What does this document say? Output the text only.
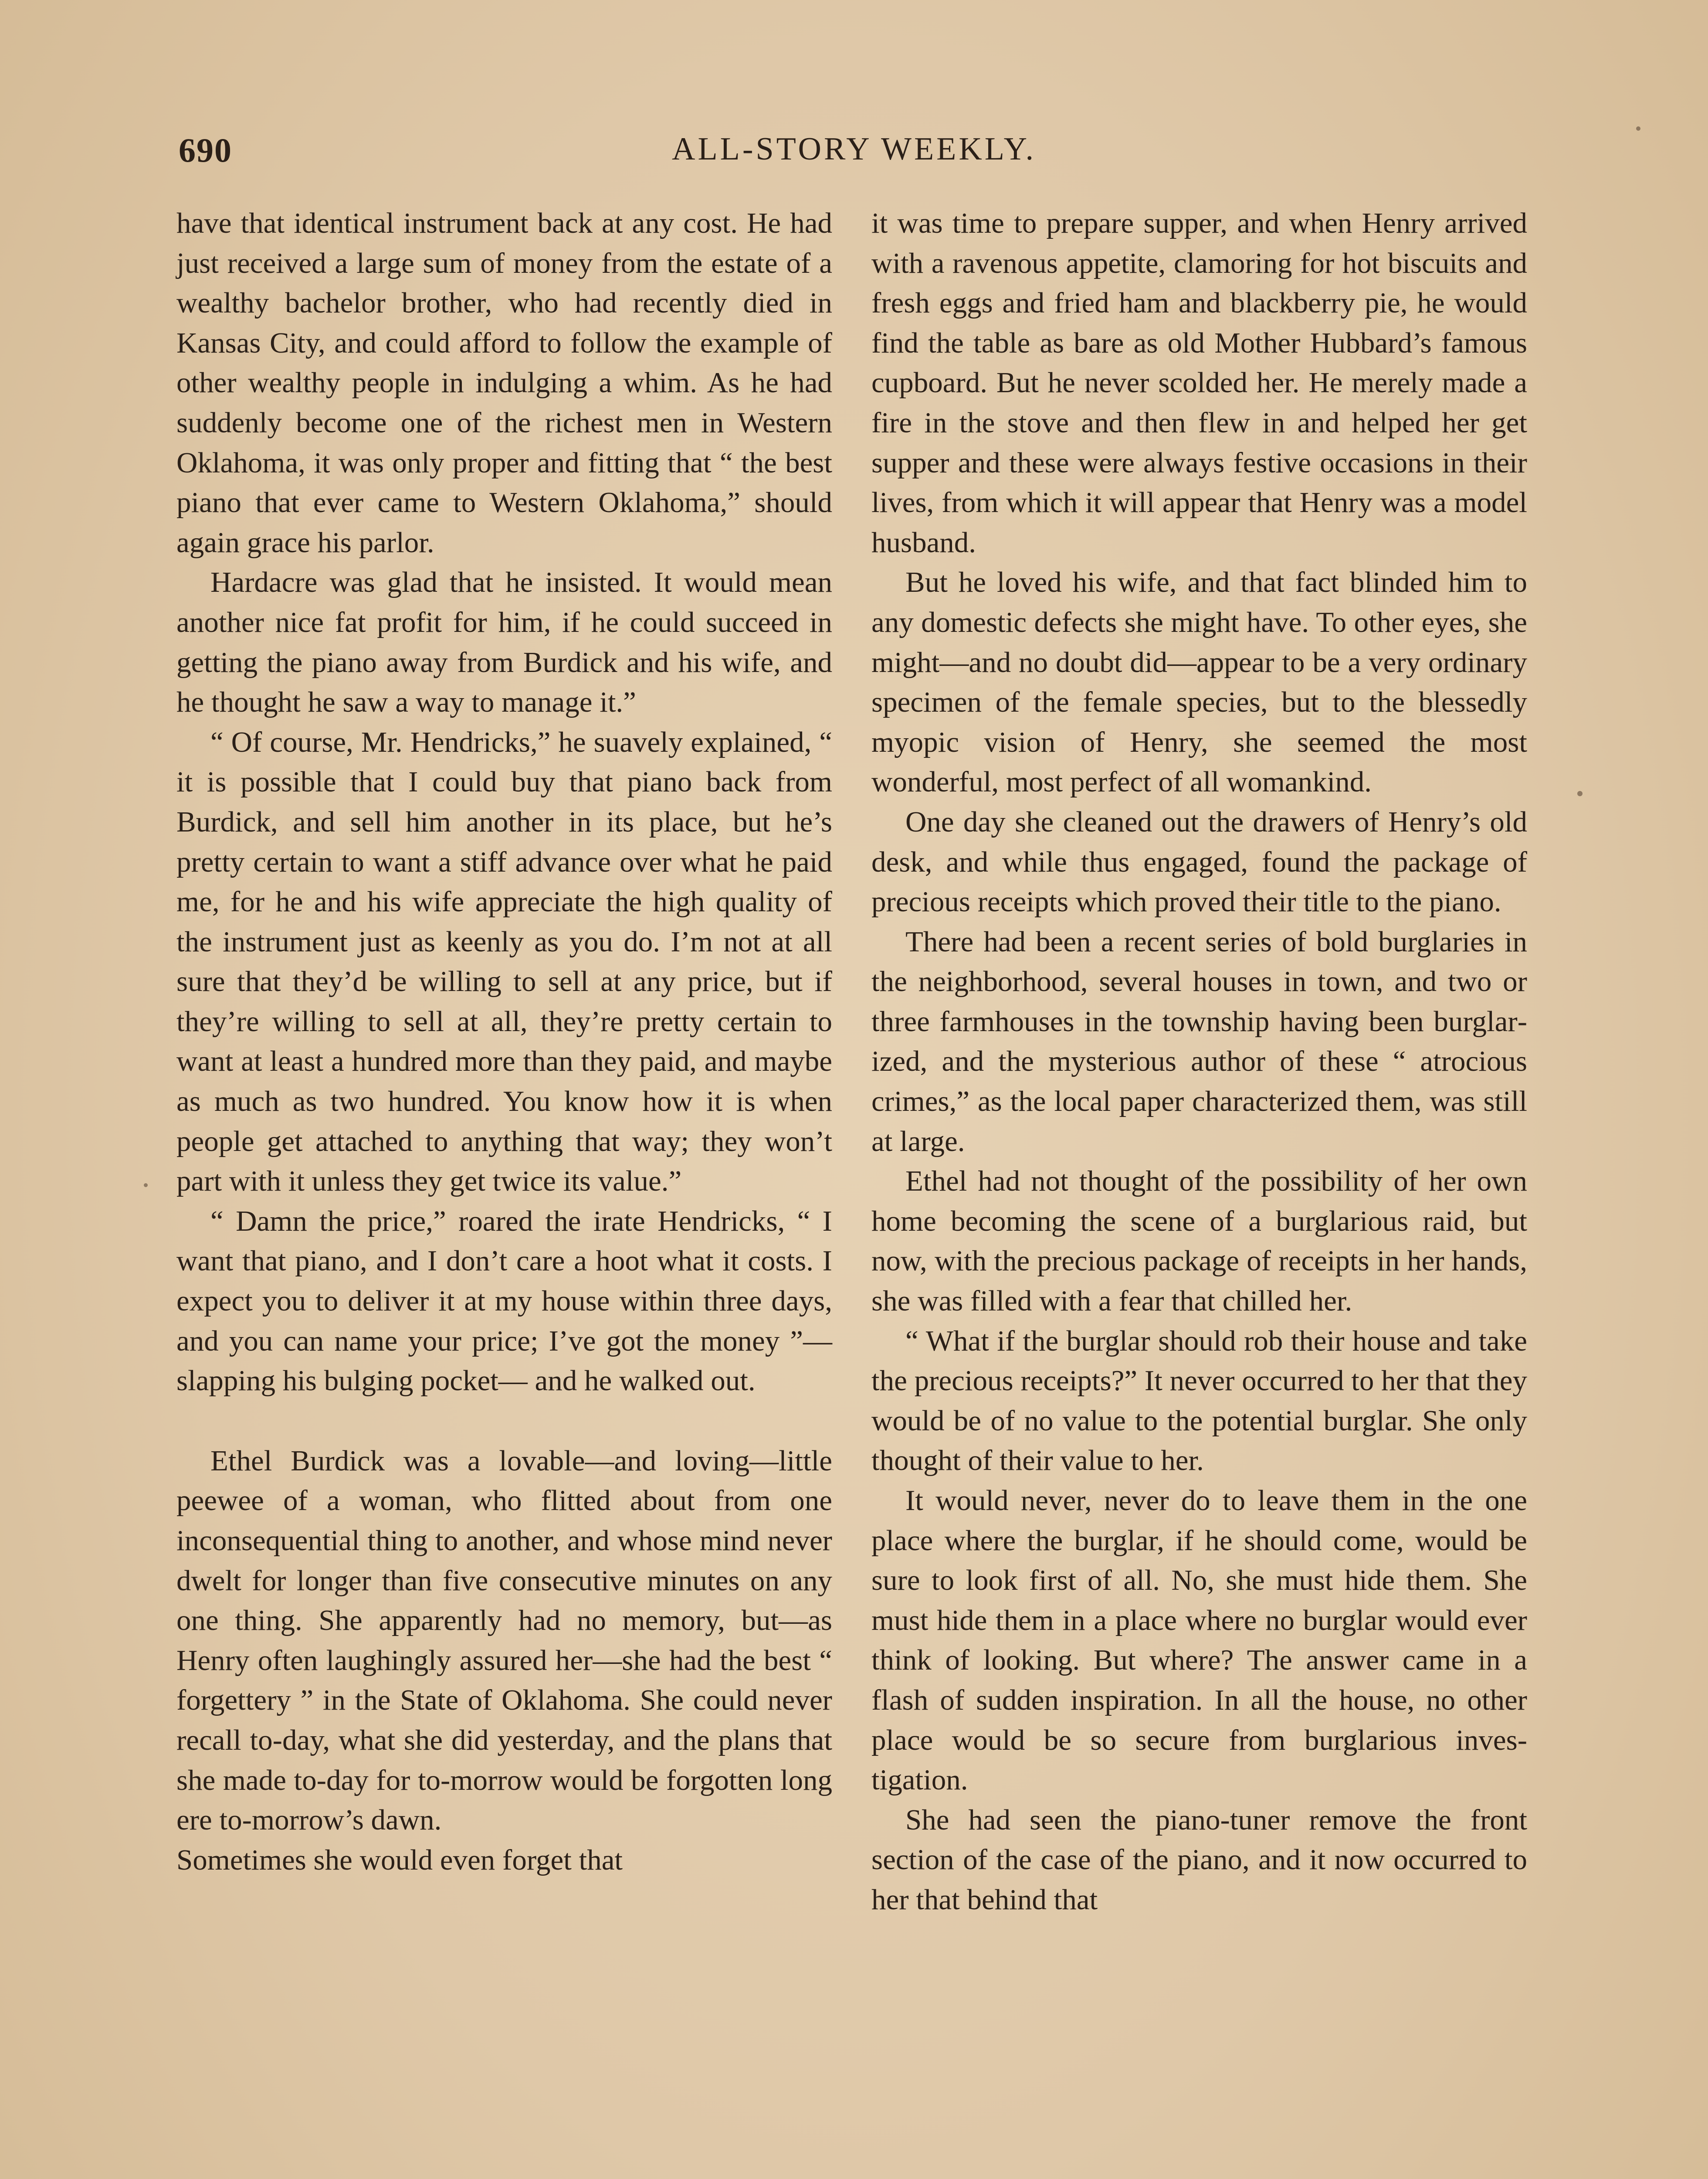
690	ALL-STORY WEEKLY.

have that identical instrument back at any cost. He had just received a large sum of money from the estate of a wealthy bachelor brother, who had recently died in Kansas City, and could afford to follow the example of other wealthy people in indulging a whim. As he had suddenly become one of the richest men in Western Oklahoma, it was only proper and fitting that “ the best piano that ever came to Western Oklahoma,” should again grace his parlor.

Hardacre was glad that he insisted. It would mean another nice fat profit for him, if he could succeed in getting the piano away from Burdick and his wife, and he thought he saw a way to manage it.”

“ Of course, Mr. Hendricks,” he suavely explained, “ it is possible that I could buy that piano back from Burdick, and sell him another in its place, but he’s pretty certain to want a stiff advance over what he paid me, for he and his wife appreciate the high quality of the instrument just as keenly as you do. I’m not at all sure that they’d be willing to sell at any price, but if they’re willing to sell at all, they’re pretty certain to want at least a hundred more than they paid, and maybe as much as two hundred. You know how it is when people get attached to anything that way; they won’t part with it unless they get twice its value.”

“ Damn the price,” roared the irate Hendricks, “ I want that piano, and I don’t care a hoot what it costs. I expect you to deliver it at my house within three days, and you can name your price; I’ve got the money ”—slapping his bulging pocket— and he walked out.

Ethel Burdick was a lovable—and loving—little peewee of a woman, who flitted about from one inconsequential thing to another, and whose mind never dwelt for longer than five consecutive minutes on any one thing. She apparently had no memory, but—as Henry often laughingly assured her—she had the best “ forgettery ” in the State of Oklahoma. She could never recall to-day, what she did yesterday, and the plans that she made to-day for to-morrow would be forgotten long ere to-morrow’s dawn.

Sometimes she would even forget that

it was time to prepare supper, and when Henry arrived with a ravenous appetite, clamoring for hot biscuits and fresh eggs and fried ham and blackberry pie, he would find the table as bare as old Mother Hubbard’s famous cupboard. But he never scolded her. He merely made a fire in the stove and then flew in and helped her get supper and these were always festive occasions in their lives, from which it will appear that Henry was a model husband.

But he loved his wife, and that fact blinded him to any domestic defects she might have. To other eyes, she might—and no doubt did—appear to be a very ordinary specimen of the female species, but to the blessedly myopic vision of Henry, she seemed the most wonderful, most perfect of all womankind.

One day she cleaned out the drawers of Henry’s old desk, and while thus engaged, found the package of precious receipts which proved their title to the piano.

There had been a recent series of bold burglaries in the neighborhood, several houses in town, and two or three farmhouses in the township having been burglarized, and the mysterious author of these “ atrocious crimes,” as the local paper characterized them, was still at large.

Ethel had not thought of the possibility of her own home becoming the scene of a burglarious raid, but now, with the precious package of receipts in her hands, she was filled with a fear that chilled her.

“ What if the burglar should rob their house and take the precious receipts?” It never occurred to her that they would be of no value to the potential burglar. She only thought of their value to her.

It would never, never do to leave them in the one place where the burglar, if he should come, would be sure to look first of all. No, she must hide them. She must hide them in a place where no burglar would ever think of looking. But where? The answer came in a flash of sudden inspiration. In all the house, no other place would be so secure from burglarious investigation.

She had seen the piano-tuner remove the front section of the case of the piano, and it now occurred to her that behind that
